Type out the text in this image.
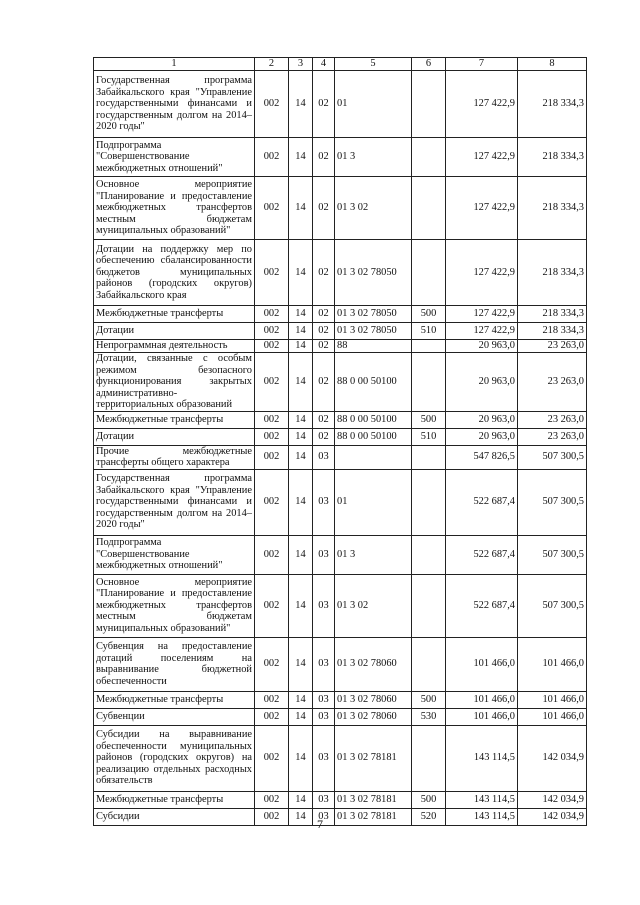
1	2	3	4	5	6	7	8
Государственная программа Забайкальского края "Управление государственными финансами и государственным долгом на 2014–2020 годы"	002	14	02	01		127 422,9	218 334,3
Подпрограмма "Совершенствование межбюджетных отношений"	002	14	02	01 3		127 422,9	218 334,3
Основное мероприятие "Планирование и предоставление межбюджетных трансфертов местным бюджетам муниципальных образований"	002	14	02	01 3 02		127 422,9	218 334,3
Дотации на поддержку мер по обеспечению сбалансированности бюджетов муниципальных районов (городских округов) Забайкальского края	002	14	02	01 3 02 78050		127 422,9	218 334,3
Межбюджетные трансферты	002	14	02	01 3 02 78050	500	127 422,9	218 334,3
Дотации	002	14	02	01 3 02 78050	510	127 422,9	218 334,3
Непрограммная деятельность	002	14	02	88		20 963,0	23 263,0
Дотации, связанные с особым режимом безопасного функционирования закрытых административно-территориальных образований	002	14	02	88 0 00 50100		20 963,0	23 263,0
Межбюджетные трансферты	002	14	02	88 0 00 50100	500	20 963,0	23 263,0
Дотации	002	14	02	88 0 00 50100	510	20 963,0	23 263,0
Прочие межбюджетные трансферты общего характера	002	14	03			547 826,5	507 300,5
Государственная программа Забайкальского края "Управление государственными финансами и государственным долгом на 2014–2020 годы"	002	14	03	01		522 687,4	507 300,5
Подпрограмма "Совершенствование межбюджетных отношений"	002	14	03	01 3		522 687,4	507 300,5
Основное мероприятие "Планирование и предоставление межбюджетных трансфертов местным бюджетам муниципальных образований"	002	14	03	01 3 02		522 687,4	507 300,5
Субвенция на предоставление дотаций поселениям на выравнивание бюджетной обеспеченности	002	14	03	01 3 02 78060		101 466,0	101 466,0
Межбюджетные трансферты	002	14	03	01 3 02 78060	500	101 466,0	101 466,0
Субвенции	002	14	03	01 3 02 78060	530	101 466,0	101 466,0
Субсидии на выравнивание обеспеченности муниципальных районов (городских округов) на реализацию отдельных расходных обязательств	002	14	03	01 3 02 78181		143 114,5	142 034,9
Межбюджетные трансферты	002	14	03	01 3 02 78181	500	143 114,5	142 034,9
Субсидии	002	14	03	01 3 02 78181	520	143 114,5	142 034,9
7
